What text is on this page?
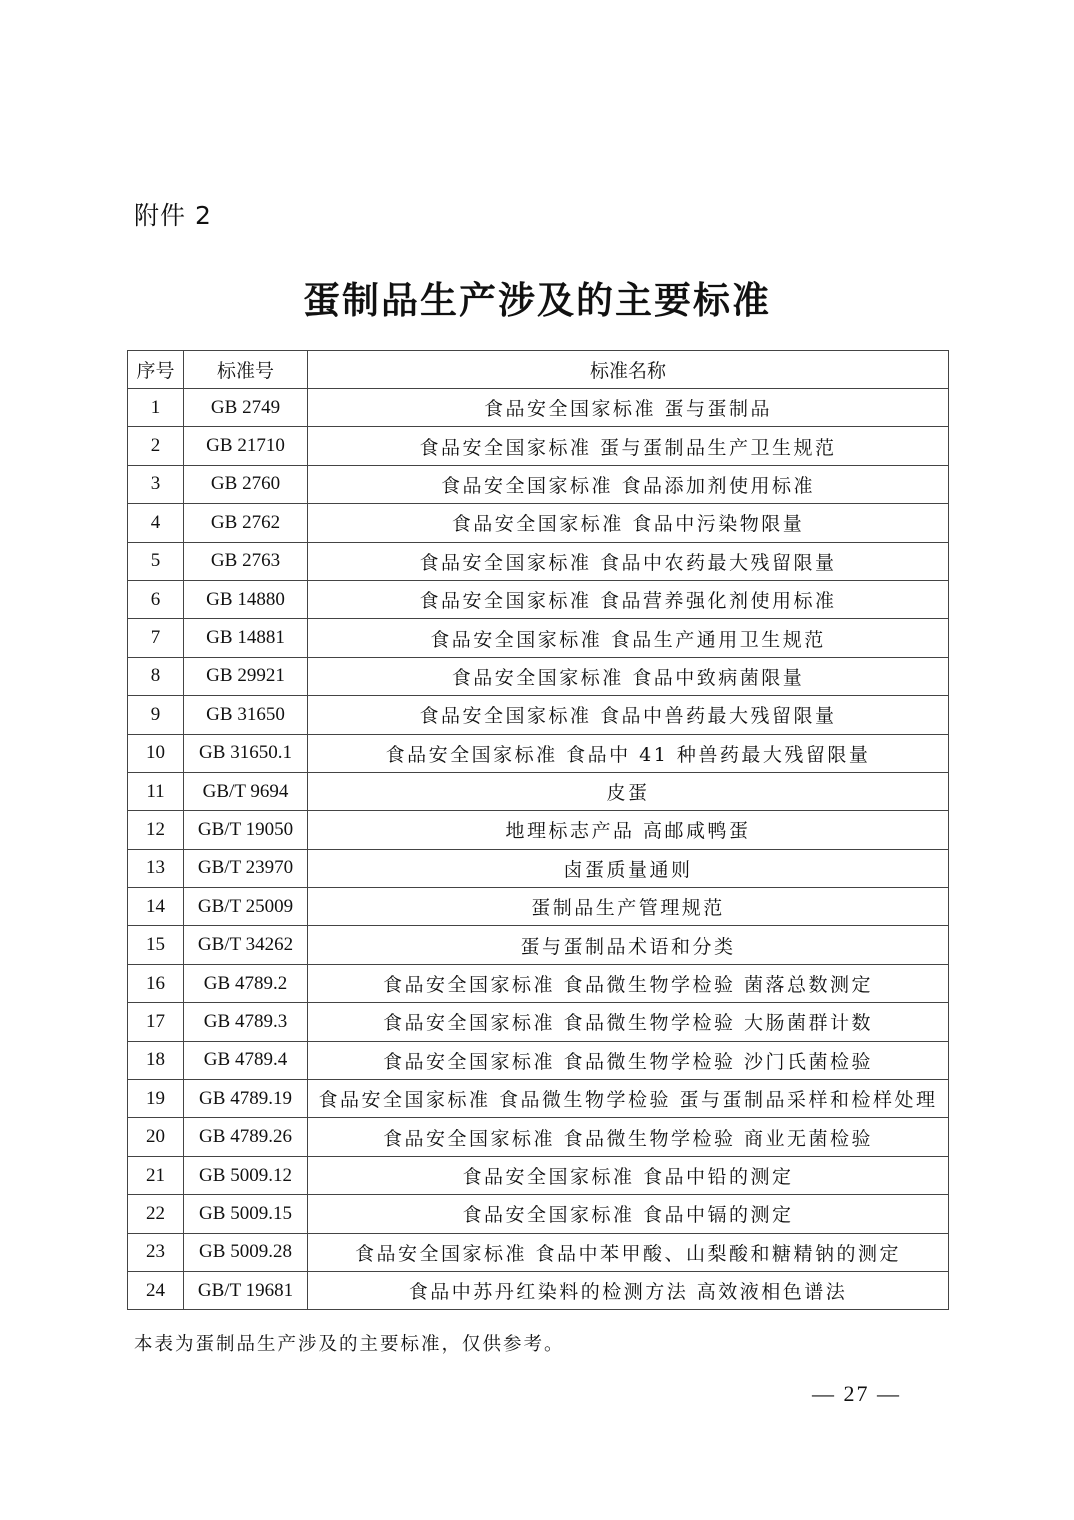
附件 2
蛋制品生产涉及的主要标准
序号	标准号	标准名称
1	GB 2749	食品安全国家标准 蛋与蛋制品
2	GB 21710	食品安全国家标准 蛋与蛋制品生产卫生规范
3	GB 2760	食品安全国家标准 食品添加剂使用标准
4	GB 2762	食品安全国家标准 食品中污染物限量
5	GB 2763	食品安全国家标准 食品中农药最大残留限量
6	GB 14880	食品安全国家标准 食品营养强化剂使用标准
7	GB 14881	食品安全国家标准 食品生产通用卫生规范
8	GB 29921	食品安全国家标准 食品中致病菌限量
9	GB 31650	食品安全国家标准 食品中兽药最大残留限量
10	GB 31650.1	食品安全国家标准 食品中 41 种兽药最大残留限量
11	GB/T 9694	皮蛋
12	GB/T 19050	地理标志产品 高邮咸鸭蛋
13	GB/T 23970	卤蛋质量通则
14	GB/T 25009	蛋制品生产管理规范
15	GB/T 34262	蛋与蛋制品术语和分类
16	GB 4789.2	食品安全国家标准 食品微生物学检验 菌落总数测定
17	GB 4789.3	食品安全国家标准 食品微生物学检验 大肠菌群计数
18	GB 4789.4	食品安全国家标准 食品微生物学检验 沙门氏菌检验
19	GB 4789.19	食品安全国家标准 食品微生物学检验 蛋与蛋制品采样和检样处理
20	GB 4789.26	食品安全国家标准 食品微生物学检验 商业无菌检验
21	GB 5009.12	食品安全国家标准 食品中铅的测定
22	GB 5009.15	食品安全国家标准 食品中镉的测定
23	GB 5009.28	食品安全国家标准 食品中苯甲酸、山梨酸和糖精钠的测定
24	GB/T 19681	食品中苏丹红染料的检测方法 高效液相色谱法
本表为蛋制品生产涉及的主要标准，仅供参考。
— 27 —
